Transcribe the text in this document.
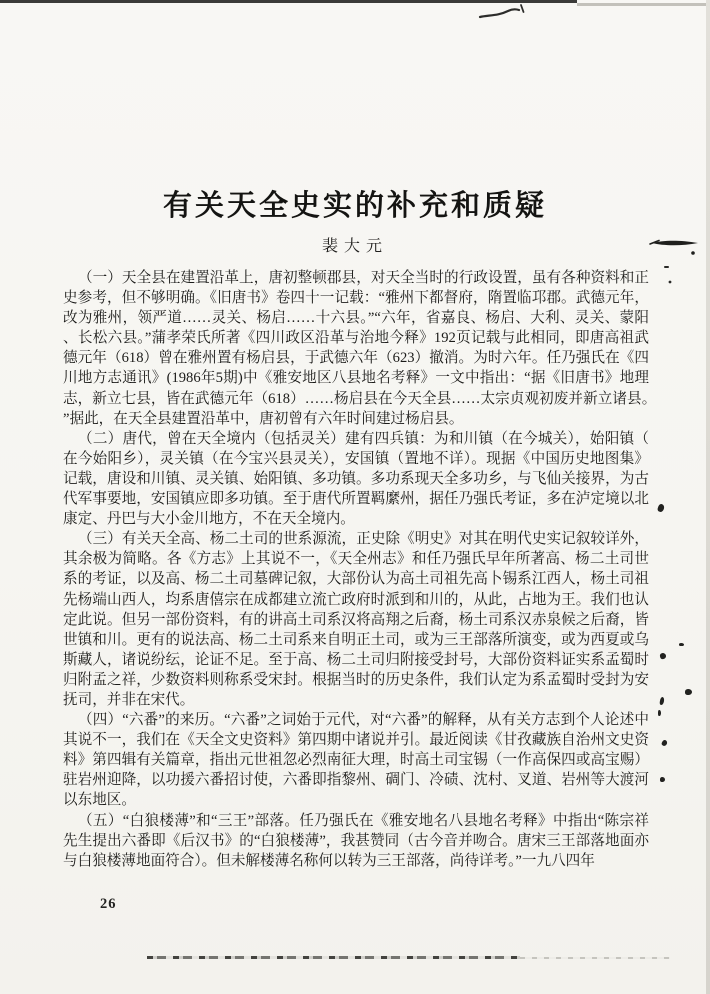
有关天全史实的补充和质疑
裴大元

（一）天全县在建置沿革上，唐初整顿郡县，对天全当时的行政设置，虽有各种资料和正史参考，但不够明确。《旧唐书》卷四十一记载：“雅州下都督府，隋置临邛郡。武德元年，改为雅州，领严道……灵关、杨启……十六县。”“六年，省嘉良、杨启、大利、灵关、蒙阳、长松六县。”蒲孝荣氏所著《四川政区沿革与治地今释》192页记载与此相同，即唐高祖武德元年（618）曾在雅州置有杨启县，于武德六年（623）撤消。为时六年。任乃强氏在《四川地方志通讯》(1986年5期)中《雅安地区八县地名考释》一文中指出：“据《旧唐书》地理志，新立七县，皆在武德元年（618）……杨启县在今天全县……太宗贞观初废并新立诸县。”据此，在天全县建置沿革中，唐初曾有六年时间建过杨启县。

（二）唐代，曾在天全境内（包括灵关）建有四兵镇：为和川镇（在今城关），始阳镇（在今始阳乡），灵关镇（在今宝兴县灵关），安国镇（置地不详）。现据《中国历史地图集》记载，唐设和川镇、灵关镇、始阳镇、多功镇。多功系现天全多功乡，与飞仙关接界，为古代军事要地，安国镇应即多功镇。至于唐代所置羁縻州，据任乃强氏考证，多在泸定境以北康定、丹巴与大小金川地方，不在天全境内。

（三）有关天全高、杨二土司的世系源流，正史除《明史》对其在明代史实记叙较详外，其余极为简略。各《方志》上其说不一，《天全州志》和任乃强氏早年所著高、杨二土司世系的考证，以及高、杨二土司墓碑记叙，大部份认为高土司祖先高卜锡系江西人，杨土司祖先杨端山西人，均系唐僖宗在成都建立流亡政府时派到和川的，从此，占地为王。我们也认定此说。但另一部份资料，有的讲高土司系汉将高翔之后裔，杨土司系汉赤泉候之后裔，皆世镇和川。更有的说法高、杨二土司系来自明正土司，或为三王部落所演变，或为西夏或乌斯藏人，诸说纷纭，论证不足。至于高、杨二土司归附接受封号，大部份资料证实系孟蜀时归附孟之祥，少数资料则称系受宋封。根据当时的历史条件，我们认定为系孟蜀时受封为安抚司，并非在宋代。

（四）“六番”的来历。“六番”之词始于元代，对“六番”的解释，从有关方志到个人论述中其说不一，我们在《天全文史资料》第四期中诸说并引。最近阅读《甘孜藏族自治州文史资料》第四辑有关篇章，指出元世祖忽必烈南征大理，时高土司宝锡（一作高保四或高宝赐）驻岩州迎降，以功援六番招讨使，六番即指黎州、碉门、冷碛、沈村、叉道、岩州等大渡河以东地区。

（五）“白狼楼薄”和“三王”部落。任乃强氏在《雅安地名八县地名考释》中指出“陈宗祥先生提出六番即《后汉书》的“白狼楼薄”，我甚赞同（古今音并吻合。唐宋三王部落地面亦与白狼楼薄地面符合）。但未解楼薄名称何以转为三王部落，尚待详考。”一九八四年

26
